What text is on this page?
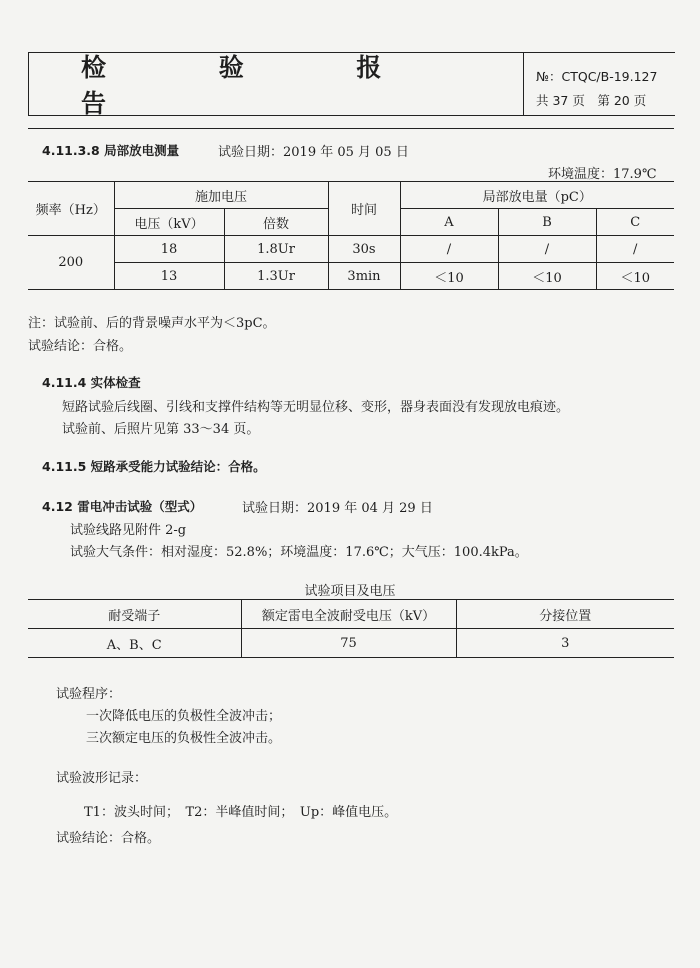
检 验 报 告
№：CTQC/B-19.127
共 37 页　第 20 页
4.11.3.8 局部放电测量	试验日期：2019 年 05 月 05 日
环境温度：17.9℃
频率（Hz）	施加电压		时间	局部放电量（pC）		
	电压（kV）	倍数		A	B	C
200	18	1.8Ur	30s	/	/	/
	13	1.3Ur	3min	＜10	＜10	＜10
注：试验前、后的背景噪声水平为＜3pC。
试验结论：合格。
4.11.4 实体检查
短路试验后线圈、引线和支撑件结构等无明显位移、变形，器身表面没有发现放电痕迹。
试验前、后照片见第 33～34 页。
4.11.5 短路承受能力试验结论：合格。
4.12 雷电冲击试验（型式）	试验日期：2019 年 04 月 29 日
试验线路见附件 2-g
试验大气条件：相对湿度：52.8%；环境温度：17.6℃；大气压：100.4kPa。
试验项目及电压
耐受端子	额定雷电全波耐受电压（kV）	分接位置
A、B、C	75	3
试验程序：
一次降低电压的负极性全波冲击；
三次额定电压的负极性全波冲击。
试验波形记录：
T1：波头时间；　T2：半峰值时间；　Up：峰值电压。
试验结论：合格。
